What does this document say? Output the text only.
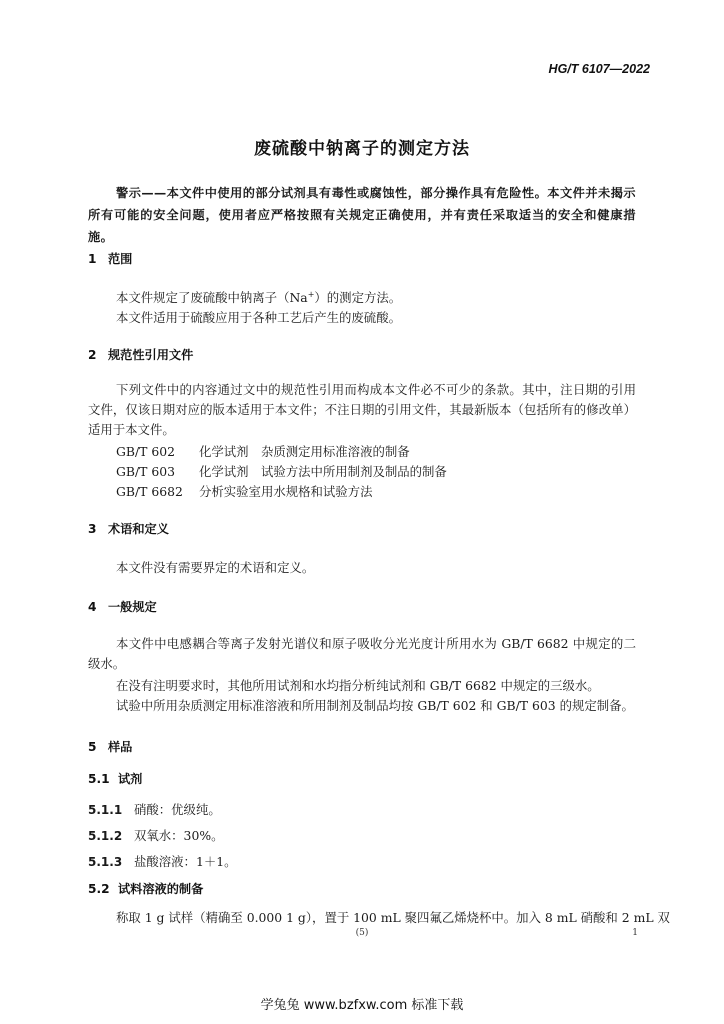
HG/T 6107—2022
废硫酸中钠离子的测定方法
警示——本文件中使用的部分试剂具有毒性或腐蚀性，部分操作具有危险性。本文件并未揭示所有可能的安全问题，使用者应严格按照有关规定正确使用，并有责任采取适当的安全和健康措施。
1 范围
本文件规定了废硫酸中钠离子（Na+）的测定方法。
本文件适用于硫酸应用于各种工艺后产生的废硫酸。
2 规范性引用文件
下列文件中的内容通过文中的规范性引用而构成本文件必不可少的条款。其中，注日期的引用文件，仅该日期对应的版本适用于本文件；不注日期的引用文件，其最新版本（包括所有的修改单）适用于本文件。
GB/T 602 化学试剂　杂质测定用标准溶液的制备
GB/T 603 化学试剂　试验方法中所用制剂及制品的制备
GB/T 6682 分析实验室用水规格和试验方法
3 术语和定义
本文件没有需要界定的术语和定义。
4 一般规定
本文件中电感耦合等离子发射光谱仪和原子吸收分光光度计所用水为 GB/T 6682 中规定的二级水。
在没有注明要求时，其他所用试剂和水均指分析纯试剂和 GB/T 6682 中规定的三级水。
试验中所用杂质测定用标准溶液和所用制剂及制品均按 GB/T 602 和 GB/T 603 的规定制备。
5 样品
5.1 试剂
5.1.1 硝酸：优级纯。
5.1.2 双氧水：30%。
5.1.3 盐酸溶液：1＋1。
5.2 试料溶液的制备
称取 1 g 试样（精确至 0.000 1 g），置于 100 mL 聚四氟乙烯烧杯中。加入 8 mL 硝酸和 2 mL 双
(5)	1
学兔兔 www.bzfxw.com 标准下载
